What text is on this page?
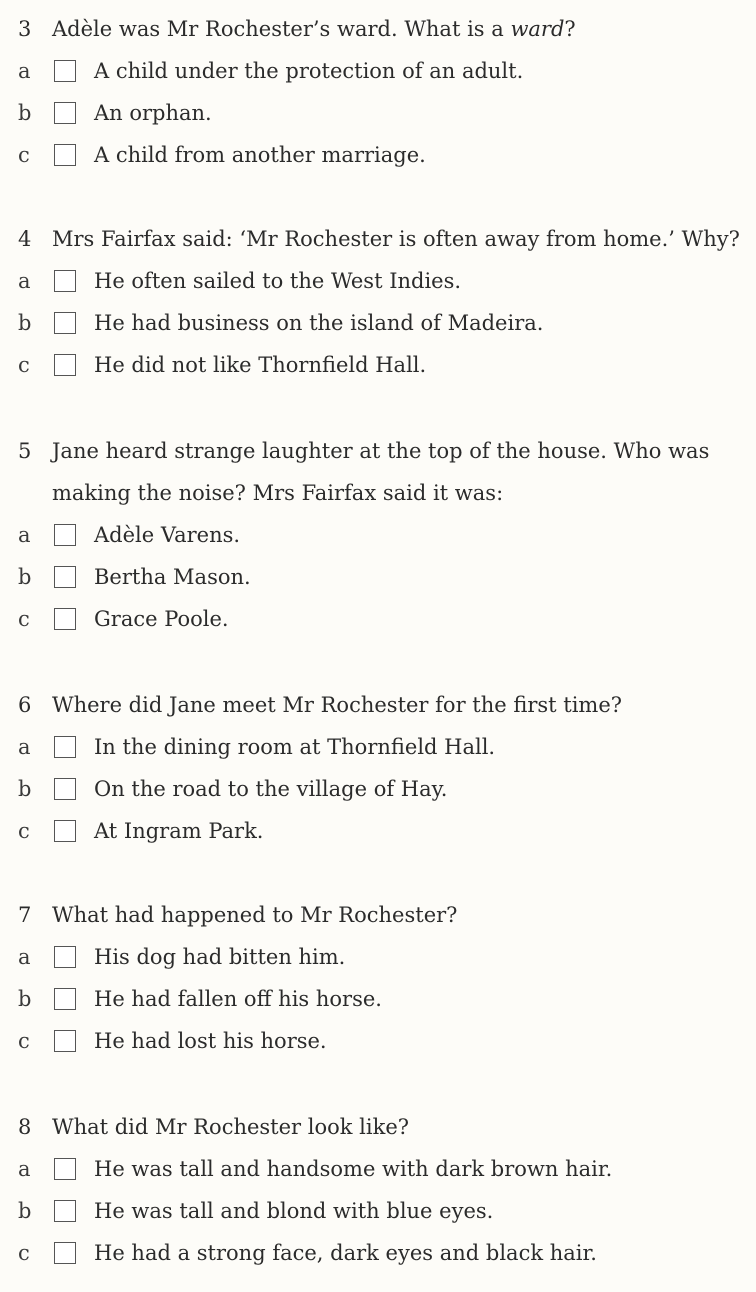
3 Adèle was Mr Rochester’s ward. What is a ward?
a	A child under the protection of an adult.
b	An orphan.
c	A child from another marriage.
4 Mrs Fairfax said: ‘Mr Rochester is often away from home.’ Why?
a	He often sailed to the West Indies.
b	He had business on the island of Madeira.
c	He did not like Thornfield Hall.
5 Jane heard strange laughter at the top of the house. Who was
making the noise? Mrs Fairfax said it was:
a	Adèle Varens.
b	Bertha Mason.
c	Grace Poole.
6 Where did Jane meet Mr Rochester for the first time?
a	In the dining room at Thornfield Hall.
b	On the road to the village of Hay.
c	At Ingram Park.
7 What had happened to Mr Rochester?
a	His dog had bitten him.
b	He had fallen off his horse.
c	He had lost his horse.
8 What did Mr Rochester look like?
a	He was tall and handsome with dark brown hair.
b	He was tall and blond with blue eyes.
c	He had a strong face, dark eyes and black hair.
